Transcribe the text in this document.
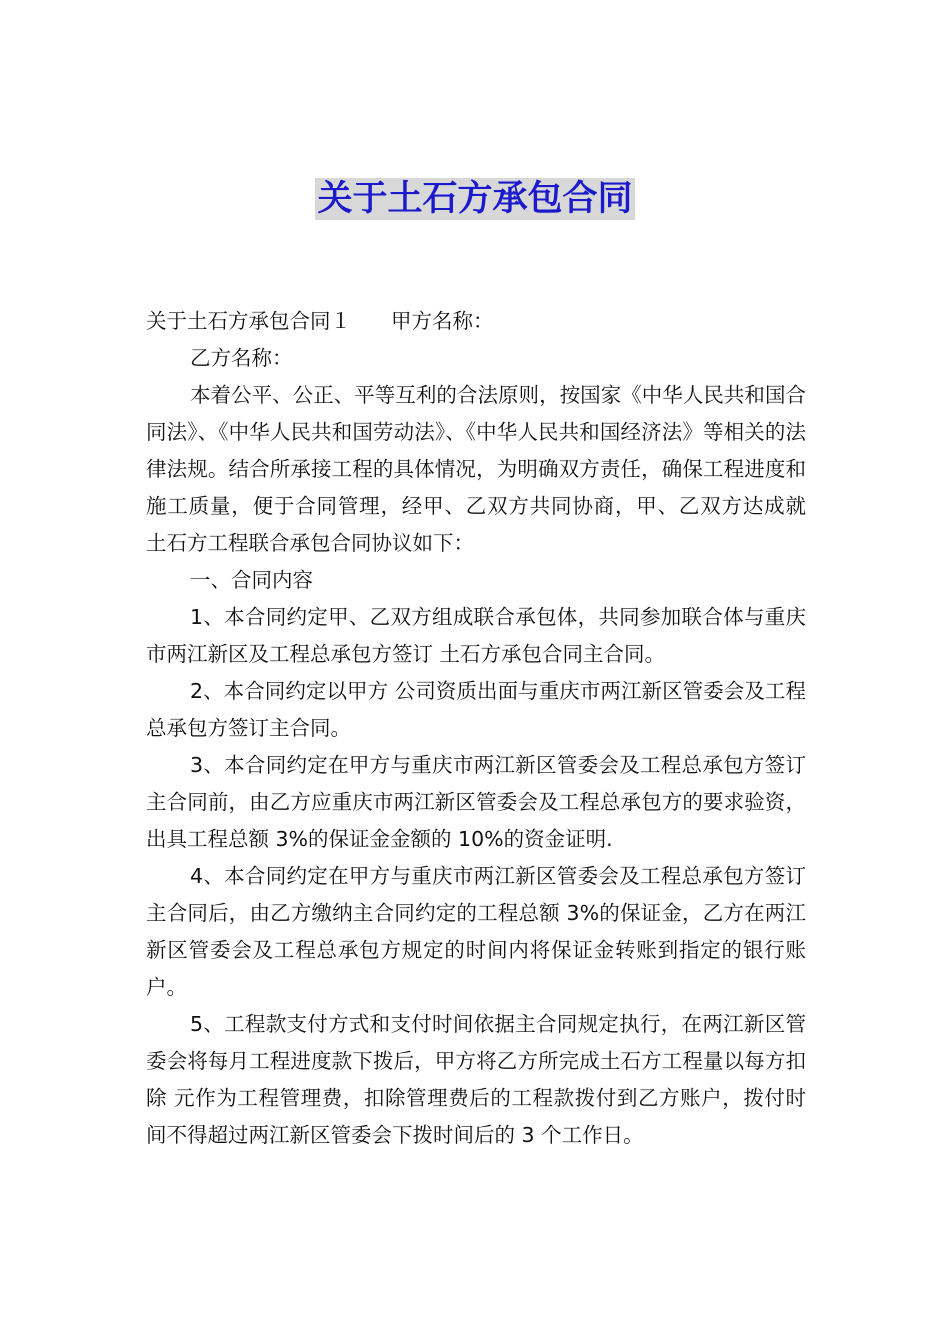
关于土石方承包合同

关于土石方承包合同１ 甲方名称：

乙方名称：

本着公平、公正、平等互利的合法原则，按国家《中华人民共和国合同法》、《中华人民共和国劳动法》、《中华人民共和国经济法》等相关的法律法规。结合所承接工程的具体情况，为明确双方责任，确保工程进度和施工质量，便于合同管理，经甲、乙双方共同协商，甲、乙双方达成就 土石方工程联合承包合同协议如下：

一、合同内容

1、本合同约定甲、乙双方组成联合承包体，共同参加联合体与重庆市两江新区及工程总承包方签订 土石方承包合同主合同。

2、本合同约定以甲方 公司资质出面与重庆市两江新区管委会及工程总承包方签订主合同。

3、本合同约定在甲方与重庆市两江新区管委会及工程总承包方签订主合同前，由乙方应重庆市两江新区管委会及工程总承包方的要求验资，出具工程总额 3%的保证金金额的 10%的资金证明.

4、本合同约定在甲方与重庆市两江新区管委会及工程总承包方签订主合同后，由乙方缴纳主合同约定的工程总额 3%的保证金，乙方在两江新区管委会及工程总承包方规定的时间内将保证金转账到指定的银行账户。

5、工程款支付方式和支付时间依据主合同规定执行，在两江新区管委会将每月工程进度款下拨后，甲方将乙方所完成土石方工程量以每方扣除 元作为工程管理费，扣除管理费后的工程款拨付到乙方账户，拨付时间不得超过两江新区管委会下拨时间后的 3 个工作日。
